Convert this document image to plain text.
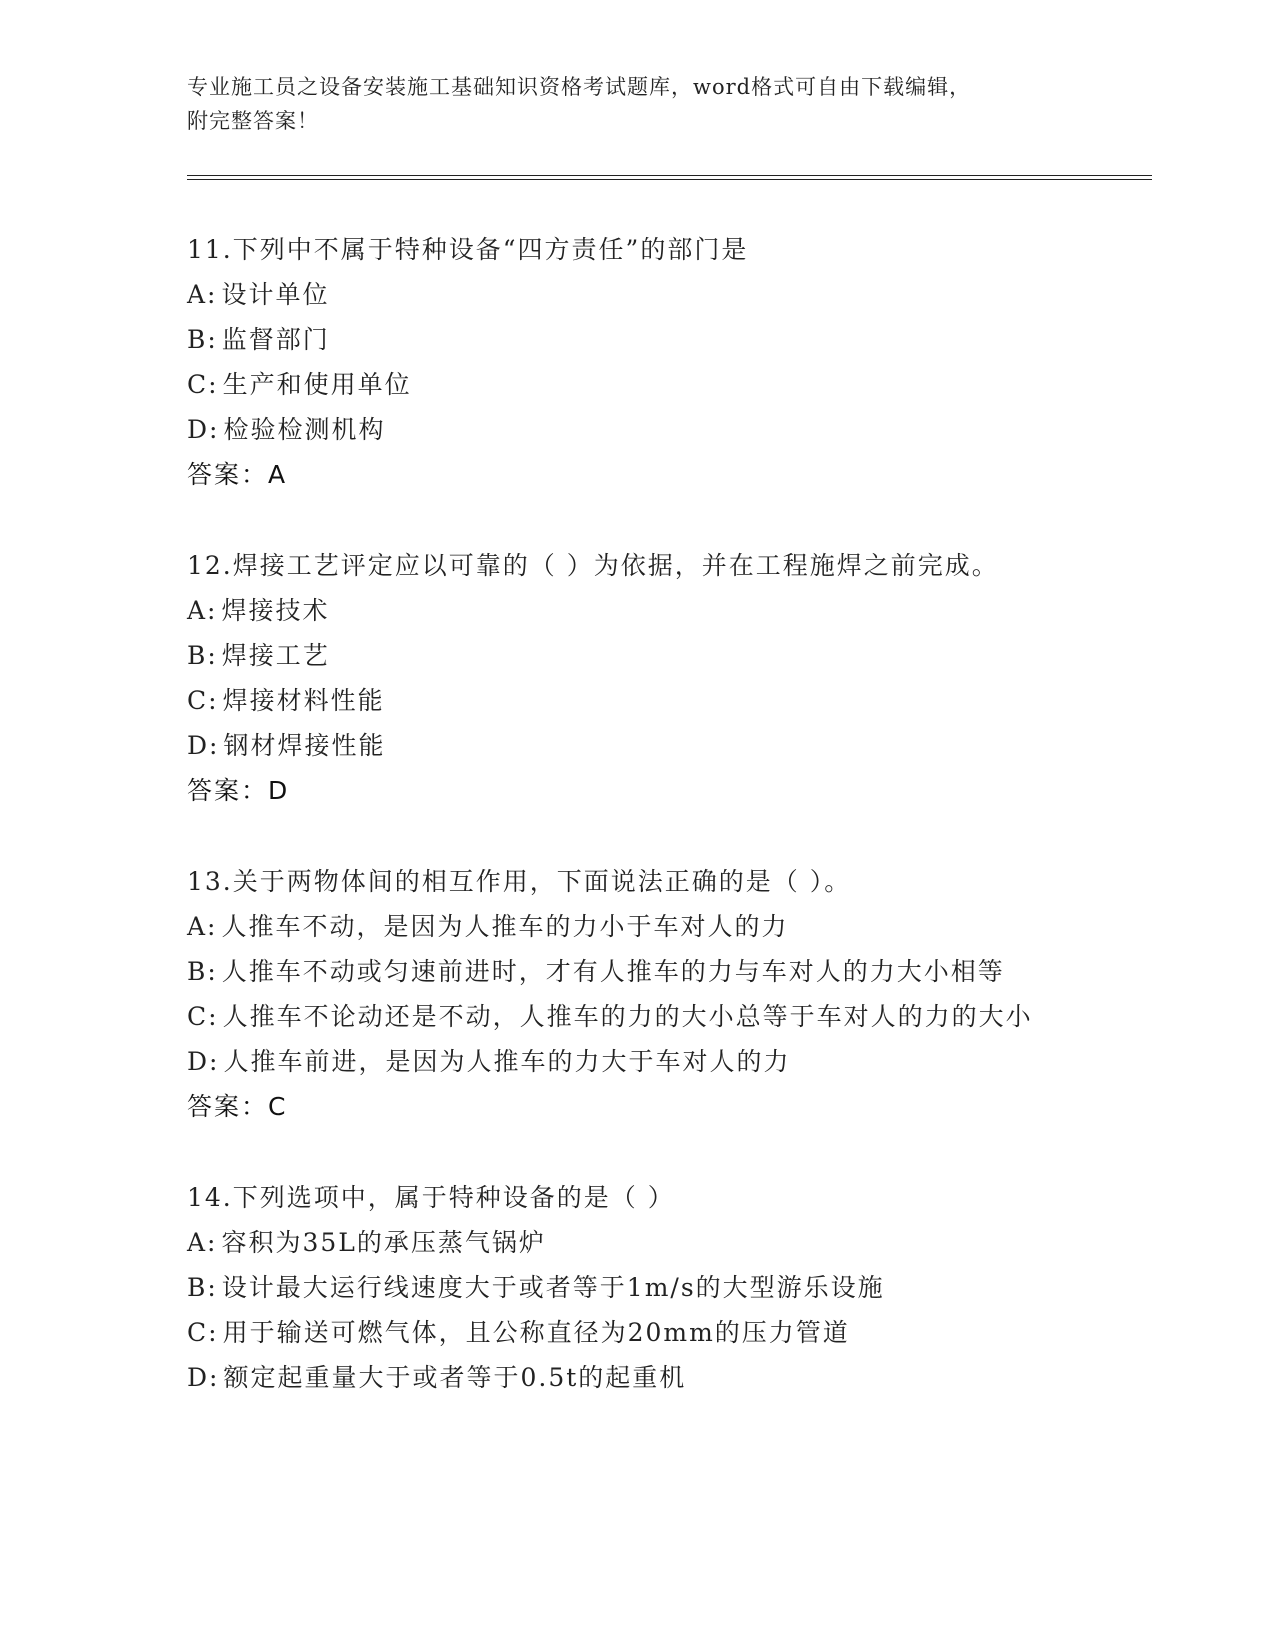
专业施工员之设备安装施工基础知识资格考试题库，word格式可自由下载编辑，
附完整答案！
11.下列中不属于特种设备“四方责任”的部门是
A: 设计单位
B: 监督部门
C: 生产和使用单位
D: 检验检测机构
答案：A
12.焊接工艺评定应以可靠的（ ）为依据，并在工程施焊之前完成。
A: 焊接技术
B: 焊接工艺
C: 焊接材料性能
D: 钢材焊接性能
答案：D
13.关于两物体间的相互作用，下面说法正确的是（ ）。
A: 人推车不动，是因为人推车的力小于车对人的力
B: 人推车不动或匀速前进时，才有人推车的力与车对人的力大小相等
C: 人推车不论动还是不动，人推车的力的大小总等于车对人的力的大小
D: 人推车前进，是因为人推车的力大于车对人的力
答案：C
14.下列选项中，属于特种设备的是（ ）
A: 容积为35L的承压蒸气锅炉
B: 设计最大运行线速度大于或者等于1m/s的大型游乐设施
C: 用于输送可燃气体，且公称直径为20mm的压力管道
D: 额定起重量大于或者等于0.5t的起重机
